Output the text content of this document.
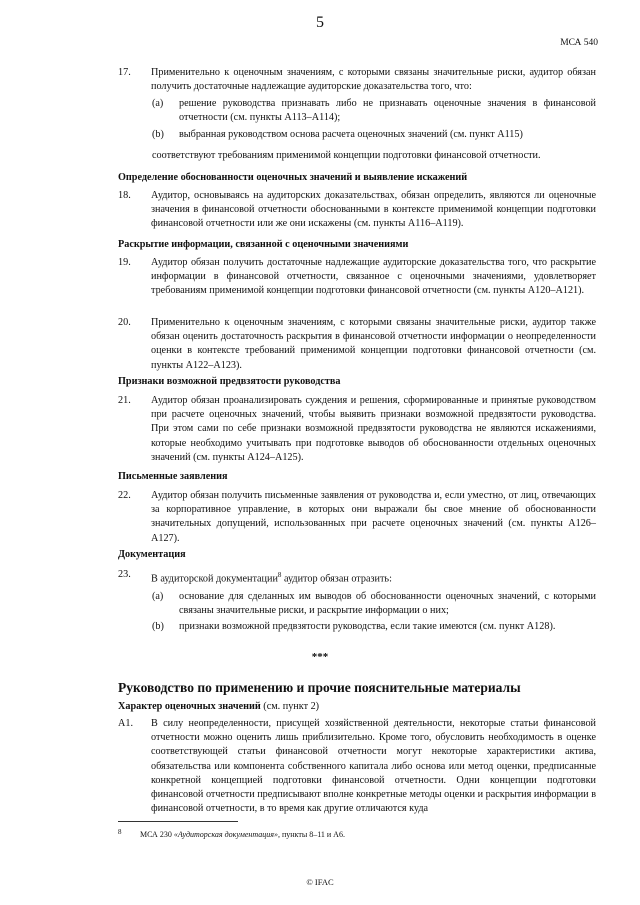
5
МСА 540
17. Применительно к оценочным значениям, с которыми связаны значительные риски, аудитор обязан получить достаточные надлежащие аудиторские доказательства того, что:
(a) решение руководства признавать либо не признавать оценочные значения в финансовой отчетности (см. пункты А113–А114);
(b) выбранная руководством основа расчета оценочных значений (см. пункт А115)
соответствуют требованиям применимой концепции подготовки финансовой отчетности.
Определение обоснованности оценочных значений и выявление искажений
18. Аудитор, основываясь на аудиторских доказательствах, обязан определить, являются ли оценочные значения в финансовой отчетности обоснованными в контексте применимой концепции подготовки финансовой отчетности или же они искажены (см. пункты А116–А119).
Раскрытие информации, связанной с оценочными значениями
19. Аудитор обязан получить достаточные надлежащие аудиторские доказательства того, что раскрытие информации в финансовой отчетности, связанное с оценочными значениями, удовлетворяет требованиям применимой концепции подготовки финансовой отчетности (см. пункты А120–А121).
20. Применительно к оценочным значениям, с которыми связаны значительные риски, аудитор также обязан оценить достаточность раскрытия в финансовой отчетности информации о неопределенности оценки в контексте требований применимой концепции подготовки финансовой отчетности (см. пункты А122–А123).
Признаки возможной предвзятости руководства
21. Аудитор обязан проанализировать суждения и решения, сформированные и принятые руководством при расчете оценочных значений, чтобы выявить признаки возможной предвзятости руководства. При этом сами по себе признаки возможной предвзятости руководства не являются искажениями, которые необходимо учитывать при подготовке выводов об обоснованности отдельных оценочных значений (см. пункты А124–А125).
Письменные заявления
22. Аудитор обязан получить письменные заявления от руководства и, если уместно, от лиц, отвечающих за корпоративное управление, в которых они выражали бы свое мнение об обоснованности значительных допущений, использованных при расчете оценочных значений (см. пункты А126–А127).
Документация
23. В аудиторской документации$^8$ аудитор обязан отразить:
(a) основание для сделанных им выводов об обоснованности оценочных значений, с которыми связаны значительные риски, и раскрытие информации о них;
(b) признаки возможной предвзятости руководства, если такие имеются (см. пункт А128).
***
Руководство по применению и прочие пояснительные материалы
Характер оценочных значений (см. пункт 2)
А1. В силу неопределенности, присущей хозяйственной деятельности, некоторые статьи финансовой отчетности можно оценить лишь приблизительно. Кроме того, обусловить необходимость в оценке соответствующей статьи финансовой отчетности могут некоторые характеристики актива, обязательства или компонента собственного капитала либо основа или метод оценки, предписанные конкретной концепцией подготовки финансовой отчетности. Одни концепции подготовки финансовой отчетности предписывают вполне конкретные методы оценки и раскрытия информации в финансовой отчетности, в то время как другие отличаются куда
8 МСА 230 «Аудиторская документация», пункты 8–11 и А6.
© IFAC
